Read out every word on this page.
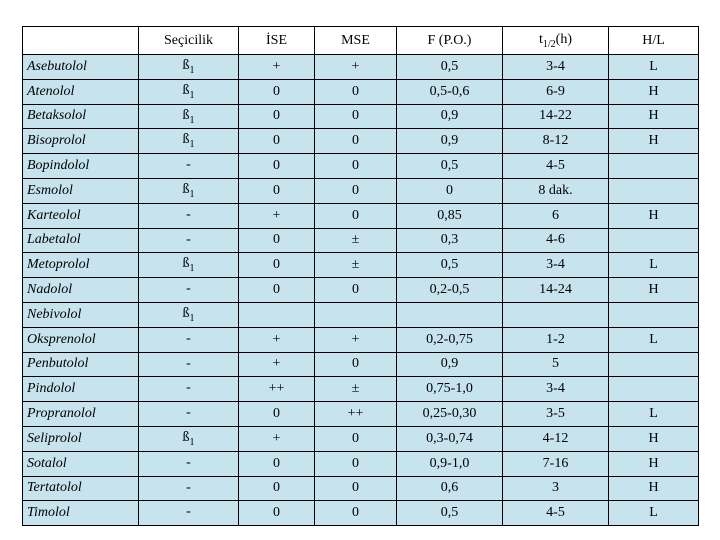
	Seçicilik	İSE	MSE	F (P.O.)	$t_{1/2}(h)$	H/L
Asebutolol	$ß_1$	+	+	0,5	3-4	L
Atenolol	$ß_1$	0	0	0,5-0,6	6-9	H
Betaksolol	$ß_1$	0	0	0,9	14-22	H
Bisoprolol	$ß_1$	0	0	0,9	8-12	H
Bopindolol	-	0	0	0,5	4-5	
Esmolol	$ß_1$	0	0	0	8 dak.	
Karteolol	-	+	0	0,85	6	H
Labetalol	-	0	±	0,3	4-6	
Metoprolol	$ß_1$	0	±	0,5	3-4	L
Nadolol	-	0	0	0,2-0,5	14-24	H
Nebivolol	$ß_1$					
Oksprenolol	-	+	+	0,2-0,75	1-2	L
Penbutolol	-	+	0	0,9	5	
Pindolol	-	++	±	0,75-1,0	3-4	
Propranolol	-	0	++	0,25-0,30	3-5	L
Seliprolol	$ß_1$	+	0	0,3-0,74	4-12	H
Sotalol	-	0	0	0,9-1,0	7-16	H
Tertatolol	-	0	0	0,6	3	H
Timolol	-	0	0	0,5	4-5	L
